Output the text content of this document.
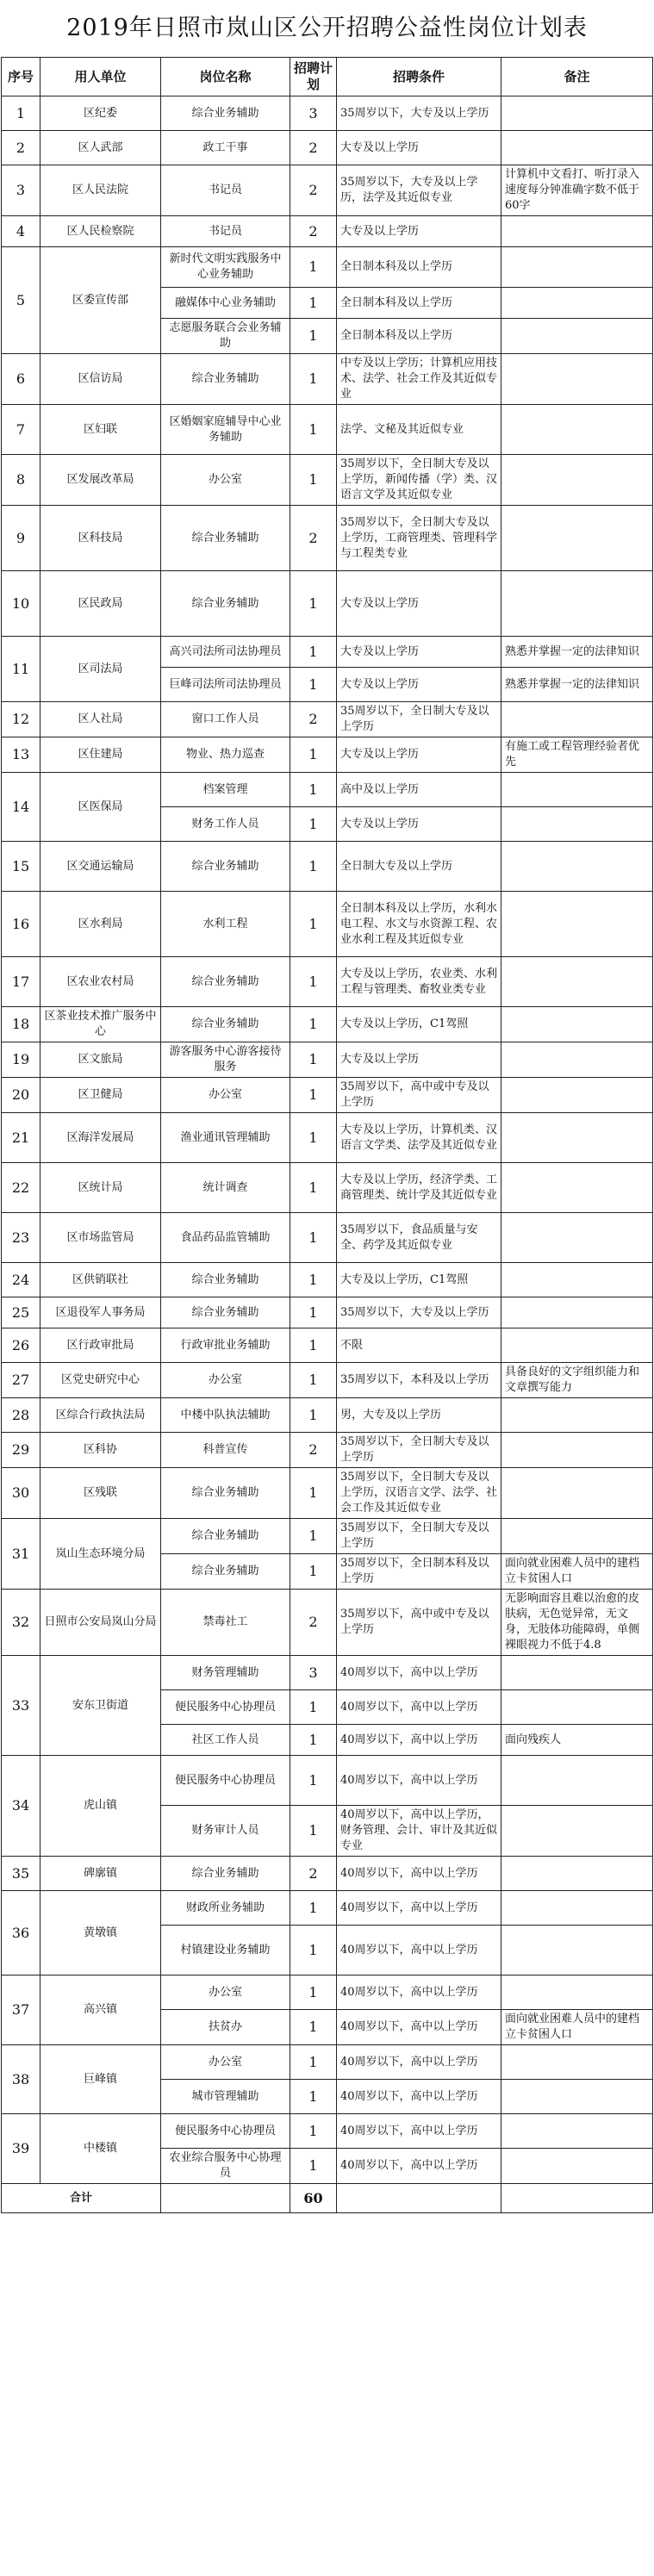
2019年日照市岚山区公开招聘公益性岗位计划表
序号	用人单位	岗位名称	招聘计划	招聘条件	备注
1	区纪委	综合业务辅助	3	35周岁以下，大专及以上学历	
2	区人武部	政工干事	2	大专及以上学历	
3	区人民法院	书记员	2	35周岁以下，大专及以上学历，法学及其近似专业	计算机中文看打、听打录入速度每分钟准确字数不低于60字
4	区人民检察院	书记员	2	大专及以上学历	
5	区委宣传部	新时代文明实践服务中心业务辅助	1	全日制本科及以上学历	
		融媒体中心业务辅助	1	全日制本科及以上学历	
		志愿服务联合会业务辅助	1	全日制本科及以上学历	
6	区信访局	综合业务辅助	1	中专及以上学历；计算机应用技术、法学、社会工作及其近似专业	
7	区妇联	区婚姻家庭辅导中心业务辅助	1	法学、文秘及其近似专业	
8	区发展改革局	办公室	1	35周岁以下，全日制大专及以上学历，新闻传播（学）类、汉语言文学及其近似专业	
9	区科技局	综合业务辅助	2	35周岁以下，全日制大专及以上学历，工商管理类、管理科学与工程类专业	
10	区民政局	综合业务辅助	1	大专及以上学历	
11	区司法局	高兴司法所司法协理员	1	大专及以上学历	熟悉并掌握一定的法律知识
		巨峰司法所司法协理员	1	大专及以上学历	熟悉并掌握一定的法律知识
12	区人社局	窗口工作人员	2	35周岁以下，全日制大专及以上学历	
13	区住建局	物业、热力巡查	1	大专及以上学历	有施工或工程管理经验者优先
14	区医保局	档案管理	1	高中及以上学历	
		财务工作人员	1	大专及以上学历	
15	区交通运输局	综合业务辅助	1	全日制大专及以上学历	
16	区水利局	水利工程	1	全日制本科及以上学历，水利水电工程、水文与水资源工程、农业水利工程及其近似专业	
17	区农业农村局	综合业务辅助	1	大专及以上学历，农业类、水利工程与管理类、畜牧业类专业	
18	区茶业技术推广服务中心	综合业务辅助	1	大专及以上学历，C1驾照	
19	区文旅局	游客服务中心游客接待服务	1	大专及以上学历	
20	区卫健局	办公室	1	35周岁以下，高中或中专及以上学历	
21	区海洋发展局	渔业通讯管理辅助	1	大专及以上学历，计算机类、汉语言文学类、法学及其近似专业	
22	区统计局	统计调查	1	大专及以上学历，经济学类、工商管理类、统计学及其近似专业	
23	区市场监管局	食品药品监管辅助	1	35周岁以下，食品质量与安全、药学及其近似专业	
24	区供销联社	综合业务辅助	1	大专及以上学历，C1驾照	
25	区退役军人事务局	综合业务辅助	1	35周岁以下，大专及以上学历	
26	区行政审批局	行政审批业务辅助	1	不限	
27	区党史研究中心	办公室	1	35周岁以下，本科及以上学历	具备良好的文字组织能力和文章撰写能力
28	区综合行政执法局	中楼中队执法辅助	1	男，大专及以上学历	
29	区科协	科普宣传	2	35周岁以下，全日制大专及以上学历	
30	区残联	综合业务辅助	1	35周岁以下，全日制大专及以上学历，汉语言文学、法学、社会工作及其近似专业	
31	岚山生态环境分局	综合业务辅助	1	35周岁以下，全日制大专及以上学历	
		综合业务辅助	1	35周岁以下，全日制本科及以上学历	面向就业困难人员中的建档立卡贫困人口
32	日照市公安局岚山分局	禁毒社工	2	35周岁以下，高中或中专及以上学历	无影响面容且难以治愈的皮肤病，无色觉异常，无文身，无肢体功能障碍，单侧裸眼视力不低于4.8
33	安东卫街道	财务管理辅助	3	40周岁以下，高中以上学历	
		便民服务中心协理员	1	40周岁以下，高中以上学历	
		社区工作人员	1	40周岁以下，高中以上学历	面向残疾人
34	虎山镇	便民服务中心协理员	1	40周岁以下，高中以上学历	
		财务审计人员	1	40周岁以下，高中以上学历，财务管理、会计、审计及其近似专业	
35	碑廓镇	综合业务辅助	2	40周岁以下，高中以上学历	
36	黄墩镇	财政所业务辅助	1	40周岁以下，高中以上学历	
		村镇建设业务辅助	1	40周岁以下，高中以上学历	
37	高兴镇	办公室	1	40周岁以下，高中以上学历	
		扶贫办	1	40周岁以下，高中以上学历	面向就业困难人员中的建档立卡贫困人口
38	巨峰镇	办公室	1	40周岁以下，高中以上学历	
		城市管理辅助	1	40周岁以下，高中以上学历	
39	中楼镇	便民服务中心协理员	1	40周岁以下，高中以上学历	
		农业综合服务中心协理员	1	40周岁以下，高中以上学历	
合计			60		
